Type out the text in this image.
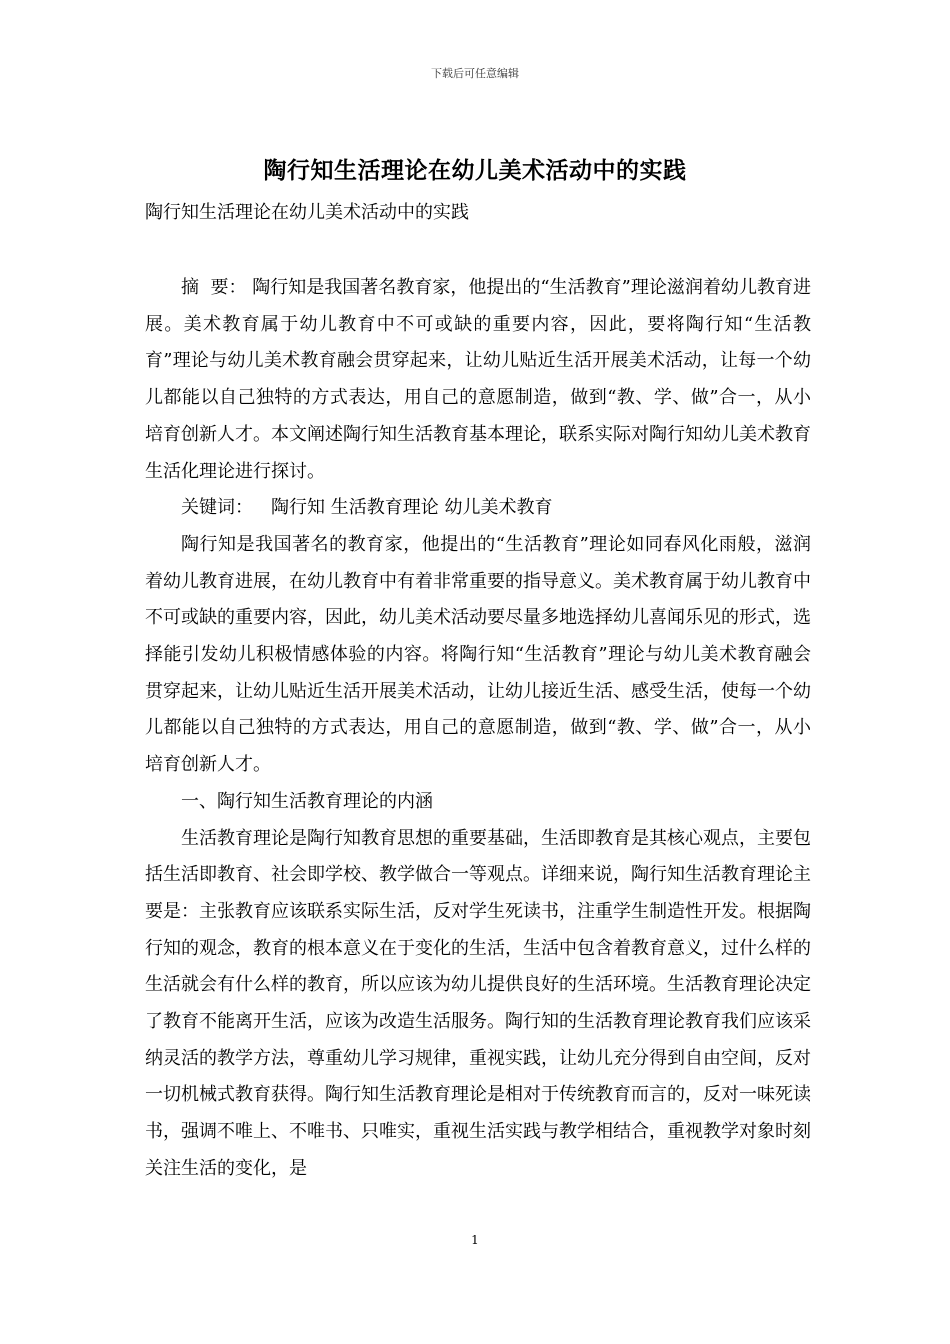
下载后可任意编辑
陶行知生活理论在幼儿美术活动中的实践
陶行知生活理论在幼儿美术活动中的实践

摘  要： 陶行知是我国著名教育家，他提出的“生活教育”理论滋润着幼儿教育进展。美术教育属于幼儿教育中不可或缺的重要内容，因此，要将陶行知“生活教育”理论与幼儿美术教育融会贯穿起来，让幼儿贴近生活开展美术活动，让每一个幼儿都能以自己独特的方式表达，用自己的意愿制造，做到“教、学、做”合一，从小培育创新人才。本文阐述陶行知生活教育基本理论，联系实际对陶行知幼儿美术教育生活化理论进行探讨。

关键词： 陶行知 生活教育理论 幼儿美术教育

陶行知是我国著名的教育家，他提出的“生活教育”理论如同春风化雨般，滋润着幼儿教育进展，在幼儿教育中有着非常重要的指导意义。美术教育属于幼儿教育中不可或缺的重要内容，因此，幼儿美术活动要尽量多地选择幼儿喜闻乐见的形式，选择能引发幼儿积极情感体验的内容。将陶行知“生活教育”理论与幼儿美术教育融会贯穿起来，让幼儿贴近生活开展美术活动，让幼儿接近生活、感受生活，使每一个幼儿都能以自己独特的方式表达，用自己的意愿制造，做到“教、学、做”合一，从小培育创新人才。

一、陶行知生活教育理论的内涵

生活教育理论是陶行知教育思想的重要基础，生活即教育是其核心观点，主要包括生活即教育、社会即学校、教学做合一等观点。详细来说，陶行知生活教育理论主要是：主张教育应该联系实际生活，反对学生死读书，注重学生制造性开发。根据陶行知的观念，教育的根本意义在于变化的生活，生活中包含着教育意义，过什么样的生活就会有什么样的教育，所以应该为幼儿提供良好的生活环境。生活教育理论决定了教育不能离开生活，应该为改造生活服务。陶行知的生活教育理论教育我们应该采纳灵活的教学方法，尊重幼儿学习规律，重视实践，让幼儿充分得到自由空间，反对一切机械式教育获得。陶行知生活教育理论是相对于传统教育而言的，反对一味死读书，强调不唯上、不唯书、只唯实，重视生活实践与教学相结合，重视教学对象时刻关注生活的变化，是

1
